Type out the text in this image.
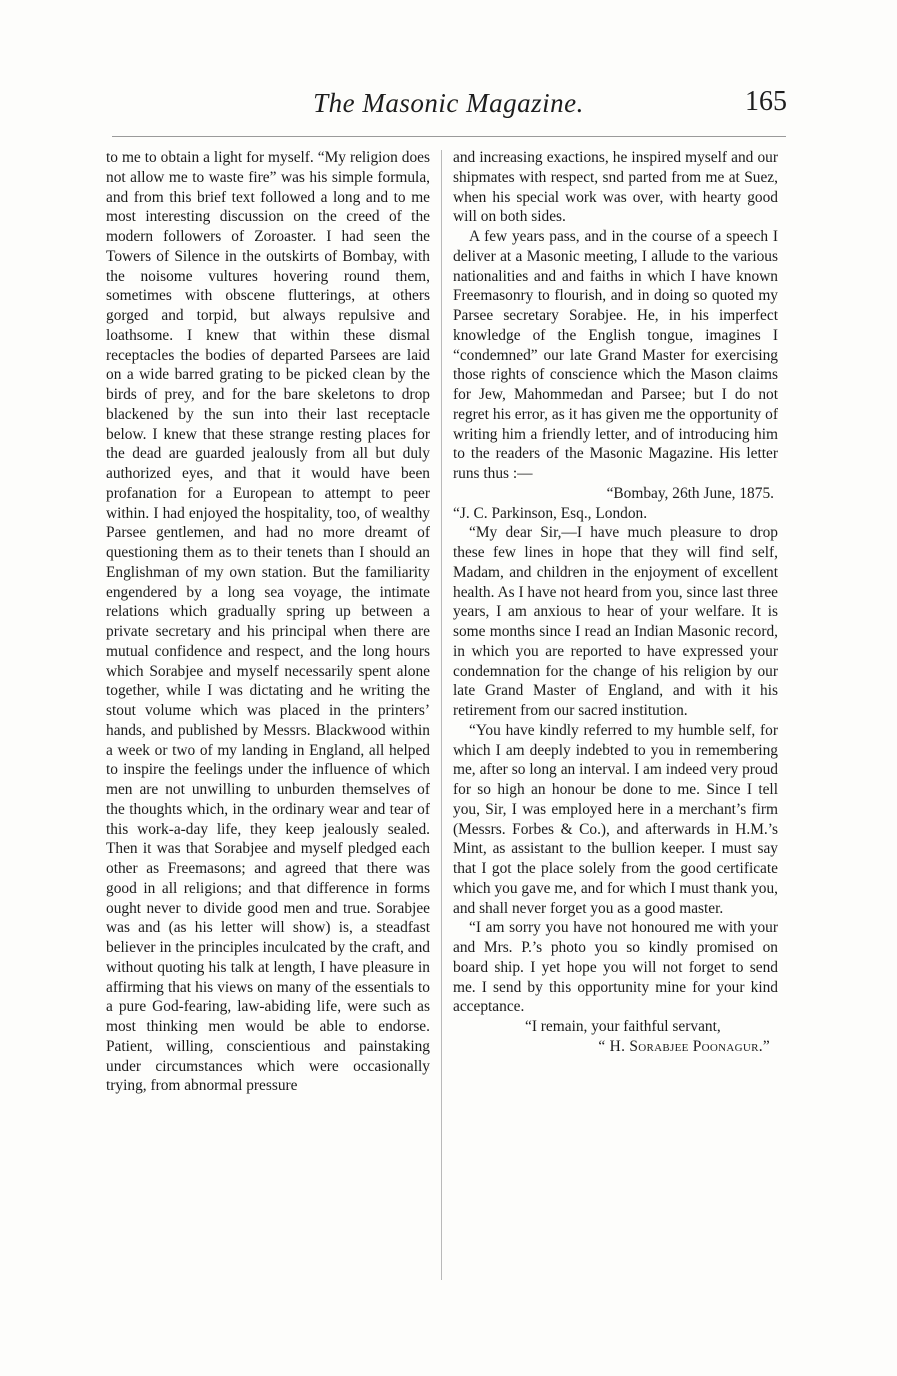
The Masonic Magazine.	165

to me to obtain a light for myself. “My religion does not allow me to waste fire” was his simple formula, and from this brief text followed a long and to me most interesting discussion on the creed of the modern followers of Zoroaster. I had seen the Towers of Silence in the outskirts of Bombay, with the noisome vultures hovering round them, sometimes with obscene flutterings, at others gorged and torpid, but always repulsive and loathsome. I knew that within these dismal receptacles the bodies of departed Parsees are laid on a wide barred grating to be picked clean by the birds of prey, and for the bare skeletons to drop blackened by the sun into their last receptacle below. I knew that these strange resting places for the dead are guarded jealously from all but duly authorized eyes, and that it would have been profanation for a European to attempt to peer within. I had enjoyed the hospitality, too, of wealthy Parsee gentlemen, and had no more dreamt of questioning them as to their tenets than I should an Englishman of my own station. But the familiarity engendered by a long sea voyage, the intimate relations which gradually spring up between a private secretary and his principal when there are mutual confidence and respect, and the long hours which Sorabjee and myself necessarily spent alone together, while I was dictating and he writing the stout volume which was placed in the printers’ hands, and published by Messrs. Blackwood within a week or two of my landing in England, all helped to inspire the feelings under the influence of which men are not unwilling to unburden themselves of the thoughts which, in the ordinary wear and tear of this work-a-day life, they keep jealously sealed. Then it was that Sorabjee and myself pledged each other as Freemasons; and agreed that there was good in all religions; and that difference in forms ought never to divide good men and true. Sorabjee was and (as his letter will show) is, a steadfast believer in the principles inculcated by the craft, and without quoting his talk at length, I have pleasure in affirming that his views on many of the essentials to a pure God-fearing, law-abiding life, were such as most thinking men would be able to endorse. Patient, willing, conscientious and painstaking under circumstances which were occasionally trying, from abnormal pressure

and increasing exactions, he inspired myself and our shipmates with respect, snd parted from me at Suez, when his special work was over, with hearty good will on both sides.

A few years pass, and in the course of a speech I deliver at a Masonic meeting, I allude to the various nationalities and and faiths in which I have known Freemasonry to flourish, and in doing so quoted my Parsee secretary Sorabjee. He, in his imperfect knowledge of the English tongue, imagines I “condemned” our late Grand Master for exercising those rights of conscience which the Mason claims for Jew, Mahommedan and Parsee; but I do not regret his error, as it has given me the opportunity of writing him a friendly letter, and of introducing him to the readers of the Masonic Magazine. His letter runs thus :—

“Bombay, 26th June, 1875.

“J. C. Parkinson, Esq., London.

“My dear Sir,—I have much pleasure to drop these few lines in hope that they will find self, Madam, and children in the enjoyment of excellent health. As I have not heard from you, since last three years, I am anxious to hear of your welfare. It is some months since I read an Indian Masonic record, in which you are reported to have expressed your condemnation for the change of his religion by our late Grand Master of England, and with it his retirement from our sacred institution.

“You have kindly referred to my humble self, for which I am deeply indebted to you in remembering me, after so long an interval. I am indeed very proud for so high an honour be done to me. Since I tell you, Sir, I was employed here in a merchant’s firm (Messrs. Forbes & Co.), and afterwards in H.M.’s Mint, as assistant to the bullion keeper. I must say that I got the place solely from the good certificate which you gave me, and for which I must thank you, and shall never forget you as a good master.

“I am sorry you have not honoured me with your and Mrs. P.’s photo you so kindly promised on board ship. I yet hope you will not forget to send me. I send by this opportunity mine for your kind acceptance.

“I remain, your faithful servant,

“ H. Sorabjee Poonagur.”
